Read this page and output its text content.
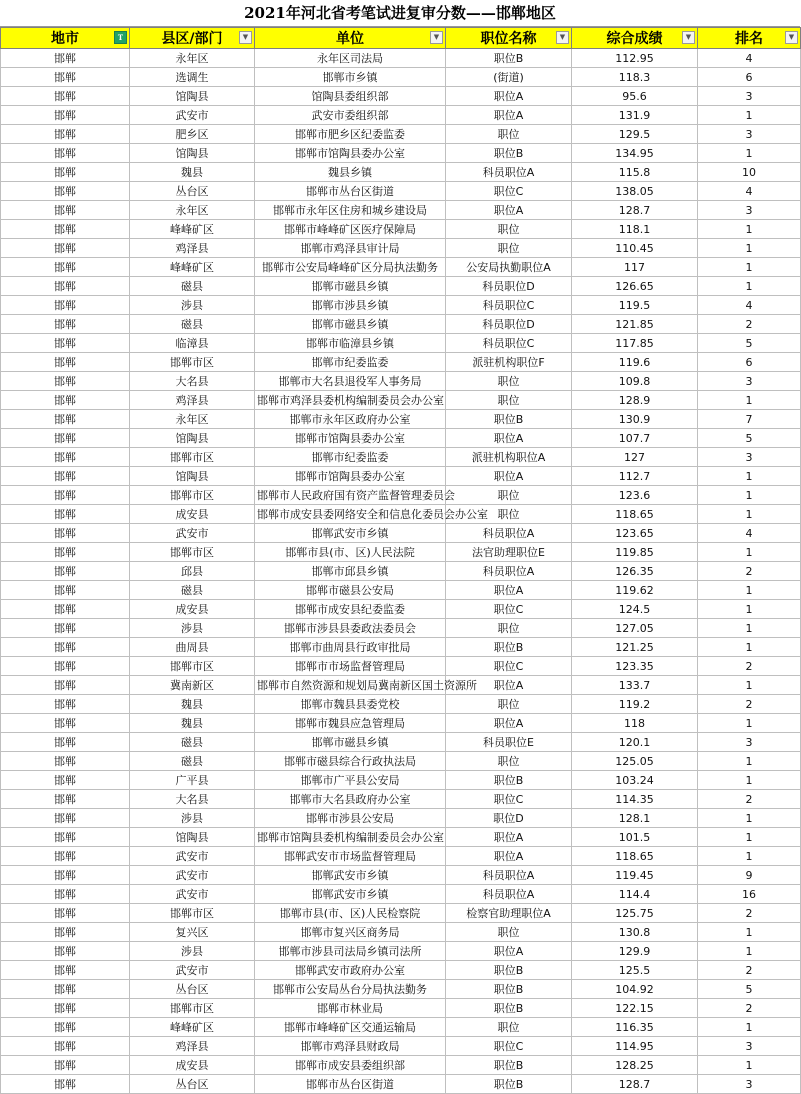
2021年河北省考笔试进复审分数——邯郸地区
地市 T	县区/部门 ▼	单位 ▼	职位名称 ▼	综合成绩 ▼	排名 ▼

邯郸	永年区	永年区司法局	职位B	112.95	4
邯郸	选调生	邯郸市乡镇	(街道)	118.3	6
邯郸	馆陶县	馆陶县委组织部	职位A	95.6	3
邯郸	武安市	武安市委组织部	职位A	131.9	1
邯郸	肥乡区	邯郸市肥乡区纪委监委	职位	129.5	3
邯郸	馆陶县	邯郸市馆陶县委办公室	职位B	134.95	1
邯郸	魏县	魏县乡镇	科员职位A	115.8	10
邯郸	丛台区	邯郸市丛台区街道	职位C	138.05	4
邯郸	永年区	邯郸市永年区住房和城乡建设局	职位A	128.7	3
邯郸	峰峰矿区	邯郸市峰峰矿区医疗保障局	职位	118.1	1
邯郸	鸡泽县	邯郸市鸡泽县审计局	职位	110.45	1
邯郸	峰峰矿区	邯郸市公安局峰峰矿区分局执法勤务	公安局执勤职位A	117	1
邯郸	磁县	邯郸市磁县乡镇	科员职位D	126.65	1
邯郸	涉县	邯郸市涉县乡镇	科员职位C	119.5	4
邯郸	磁县	邯郸市磁县乡镇	科员职位D	121.85	2
邯郸	临漳县	邯郸市临漳县乡镇	科员职位C	117.85	5
邯郸	邯郸市区	邯郸市纪委监委	派驻机构职位F	119.6	6
邯郸	大名县	邯郸市大名县退役军人事务局	职位	109.8	3
邯郸	鸡泽县	邯郸市鸡泽县委机构编制委员会办公室	职位	128.9	1
邯郸	永年区	邯郸市永年区政府办公室	职位B	130.9	7
邯郸	馆陶县	邯郸市馆陶县委办公室	职位A	107.7	5
邯郸	邯郸市区	邯郸市纪委监委	派驻机构职位A	127	3
邯郸	馆陶县	邯郸市馆陶县委办公室	职位A	112.7	1
邯郸	邯郸市区	邯郸市人民政府国有资产监督管理委员会	职位	123.6	1
邯郸	成安县	邯郸市成安县委网络安全和信息化委员会办公室	职位	118.65	1
邯郸	武安市	邯郸武安市乡镇	科员职位A	123.65	4
邯郸	邯郸市区	邯郸市县(市、区)人民法院	法官助理职位E	119.85	1
邯郸	邱县	邯郸市邱县乡镇	科员职位A	126.35	2
邯郸	磁县	邯郸市磁县公安局	职位A	119.62	1
邯郸	成安县	邯郸市成安县纪委监委	职位C	124.5	1
邯郸	涉县	邯郸市涉县县委政法委员会	职位	127.05	1
邯郸	曲周县	邯郸市曲周县行政审批局	职位B	121.25	1
邯郸	邯郸市区	邯郸市市场监督管理局	职位C	123.35	2
邯郸	冀南新区	邯郸市自然资源和规划局冀南新区国土资源所	职位A	133.7	1
邯郸	魏县	邯郸市魏县县委党校	职位	119.2	2
邯郸	魏县	邯郸市魏县应急管理局	职位A	118	1
邯郸	磁县	邯郸市磁县乡镇	科员职位E	120.1	3
邯郸	磁县	邯郸市磁县综合行政执法局	职位	125.05	1
邯郸	广平县	邯郸市广平县公安局	职位B	103.24	1
邯郸	大名县	邯郸市大名县政府办公室	职位C	114.35	2
邯郸	涉县	邯郸市涉县公安局	职位D	128.1	1
邯郸	馆陶县	邯郸市馆陶县委机构编制委员会办公室	职位A	101.5	1
邯郸	武安市	邯郸武安市市场监督管理局	职位A	118.65	1
邯郸	武安市	邯郸武安市乡镇	科员职位A	119.45	9
邯郸	武安市	邯郸武安市乡镇	科员职位A	114.4	16
邯郸	邯郸市区	邯郸市县(市、区)人民检察院	检察官助理职位A	125.75	2
邯郸	复兴区	邯郸市复兴区商务局	职位	130.8	1
邯郸	涉县	邯郸市涉县司法局乡镇司法所	职位A	129.9	1
邯郸	武安市	邯郸武安市政府办公室	职位B	125.5	2
邯郸	丛台区	邯郸市公安局丛台分局执法勤务	职位B	104.92	5
邯郸	邯郸市区	邯郸市林业局	职位B	122.15	2
邯郸	峰峰矿区	邯郸市峰峰矿区交通运输局	职位	116.35	1
邯郸	鸡泽县	邯郸市鸡泽县财政局	职位C	114.95	3
邯郸	成安县	邯郸市成安县委组织部	职位B	128.25	1
邯郸	丛台区	邯郸市丛台区街道	职位B	128.7	3
